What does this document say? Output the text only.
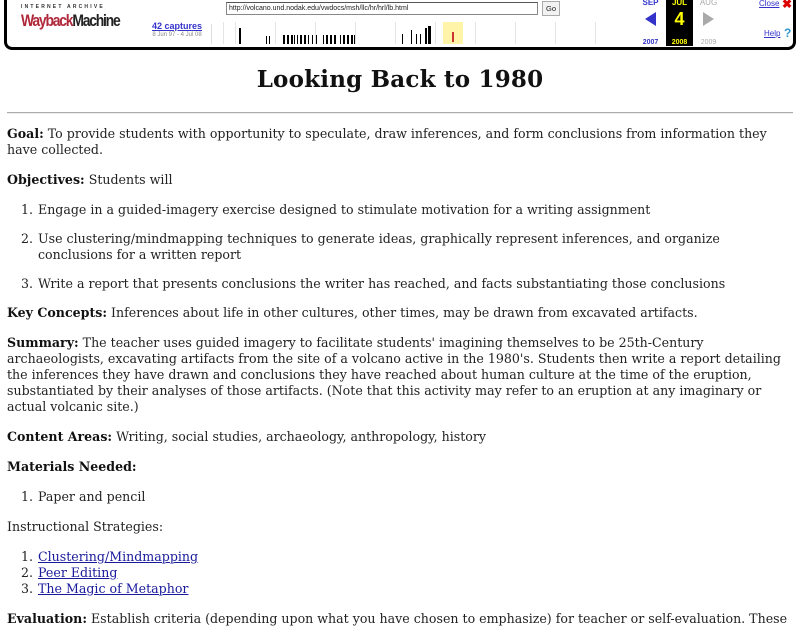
INTERNET ARCHIVE
WaybackMachine	42 captures
8 Jun 97 - 4 Jul 08
http://volcano.und.nodak.edu/vwdocs/msh/llc/hr/hrl/lb.html	Go
SEP
2007
JUL
4
2008
AUG
2009
Close ✖
Help ?
Looking Back to 1980

Goal: To provide students with opportunity to speculate, draw inferences, and form conclusions from information they have collected.

Objectives: Students will

1. Engage in a guided-imagery exercise designed to stimulate motivation for a writing assignment
2. Use clustering/mindmapping techniques to generate ideas, graphically represent inferences, and organize conclusions for a written report
3. Write a report that presents conclusions the writer has reached, and facts substantiating those conclusions

Key Concepts: Inferences about life in other cultures, other times, may be drawn from excavated artifacts.

Summary: The teacher uses guided imagery to facilitate students' imagining themselves to be 25th-Century archaeologists, excavating artifacts from the site of a volcano active in the 1980's. Students then write a report detailing the inferences they have drawn and conclusions they have reached about human culture at the time of the eruption, substantiated by their analyses of those artifacts. (Note that this activity may refer to an eruption at any imaginary or actual volcanic site.)

Content Areas: Writing, social studies, archaeology, anthropology, history

Materials Needed:

1. Paper and pencil

Instructional Strategies:

1. Clustering/Mindmapping
2. Peer Editing
3. The Magic of Metaphor

Evaluation: Establish criteria (depending upon what you have chosen to emphasize) for teacher or self-evaluation. These
